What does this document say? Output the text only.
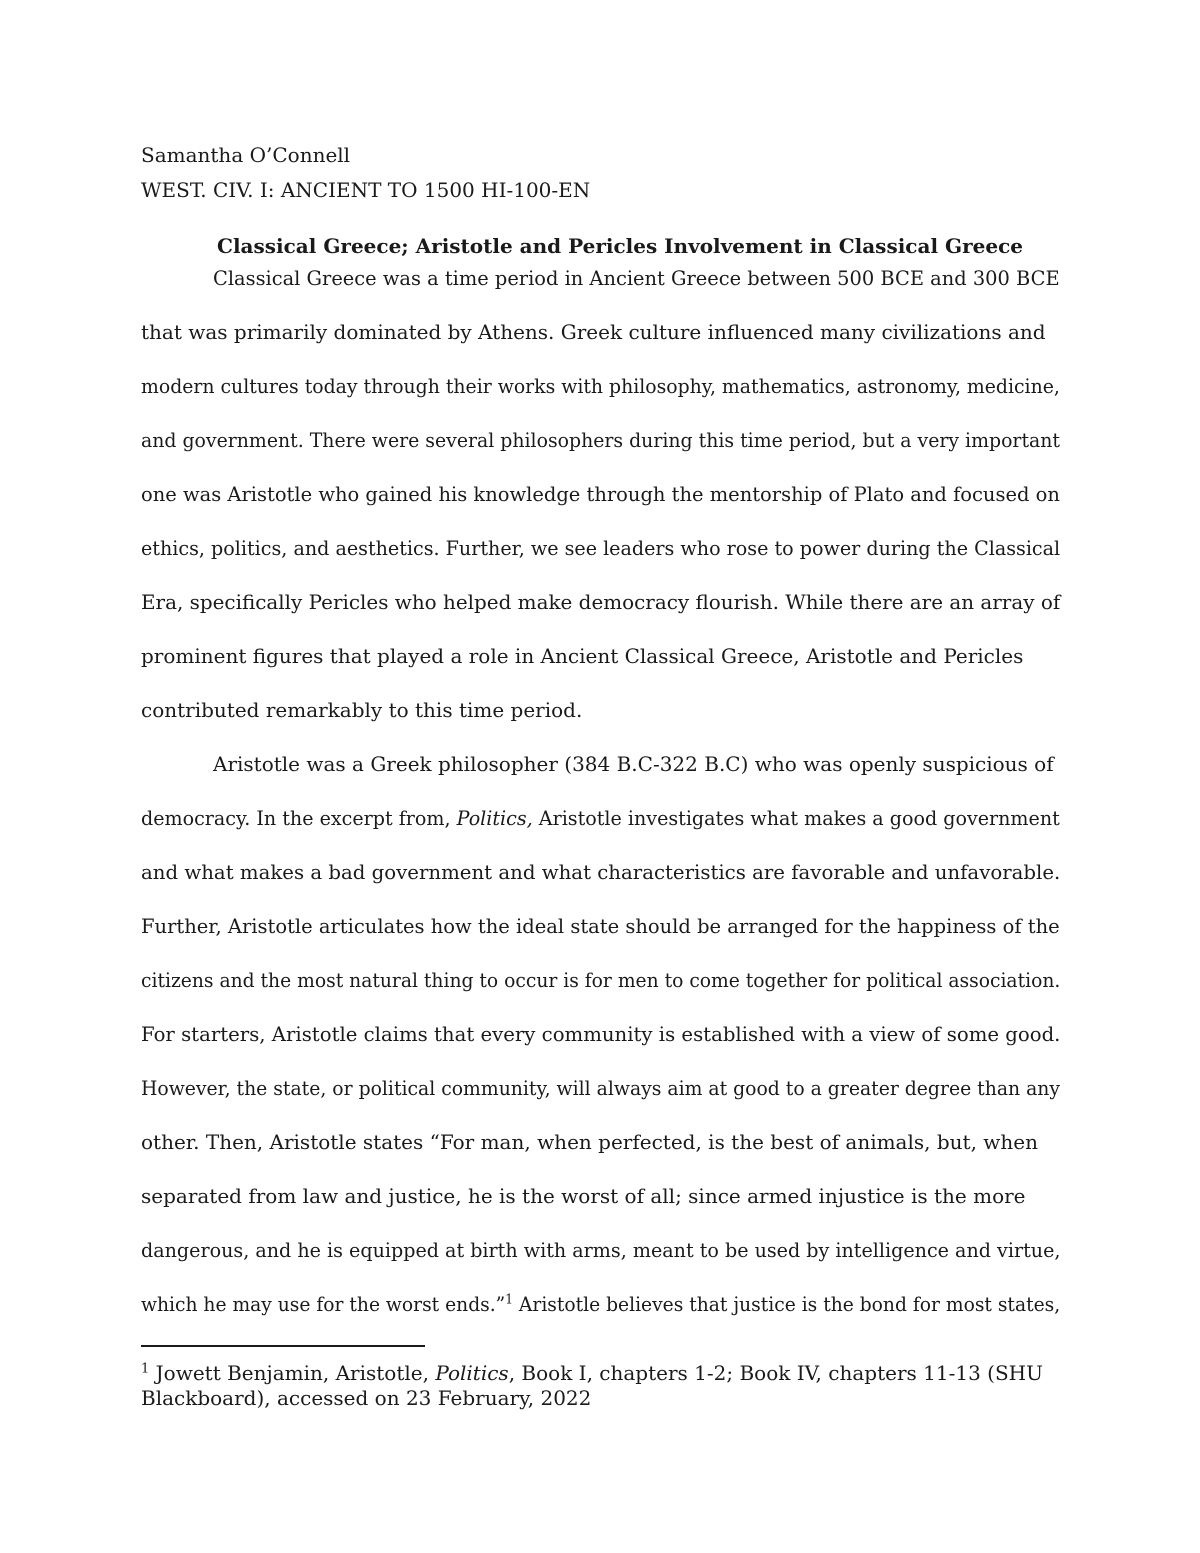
Samantha O’Connell
WEST. CIV. I: ANCIENT TO 1500 HI-100-EN
Classical Greece; Aristotle and Pericles Involvement in Classical Greece
Classical Greece was a time period in Ancient Greece between 500 BCE and 300 BCE
that was primarily dominated by Athens. Greek culture influenced many civilizations and
modern cultures today through their works with philosophy, mathematics, astronomy, medicine,
and government. There were several philosophers during this time period, but a very important
one was Aristotle who gained his knowledge through the mentorship of Plato and focused on
ethics, politics, and aesthetics. Further, we see leaders who rose to power during the Classical
Era, specifically Pericles who helped make democracy flourish. While there are an array of
prominent figures that played a role in Ancient Classical Greece, Aristotle and Pericles
contributed remarkably to this time period.
Aristotle was a Greek philosopher (384 B.C-322 B.C) who was openly suspicious of
democracy. In the excerpt from, Politics, Aristotle investigates what makes a good government
and what makes a bad government and what characteristics are favorable and unfavorable.
Further, Aristotle articulates how the ideal state should be arranged for the happiness of the
citizens and the most natural thing to occur is for men to come together for political association.
For starters, Aristotle claims that every community is established with a view of some good.
However, the state, or political community, will always aim at good to a greater degree than any
other. Then, Aristotle states “For man, when perfected, is the best of animals, but, when
separated from law and justice, he is the worst of all; since armed injustice is the more
dangerous, and he is equipped at birth with arms, meant to be used by intelligence and virtue,
which he may use for the worst ends.”$^1$ Aristotle believes that justice is the bond for most states,
$^1$ Jowett Benjamin, Aristotle, Politics, Book I, chapters 1-2; Book IV, chapters 11-13 (SHU
Blackboard), accessed on 23 February, 2022
